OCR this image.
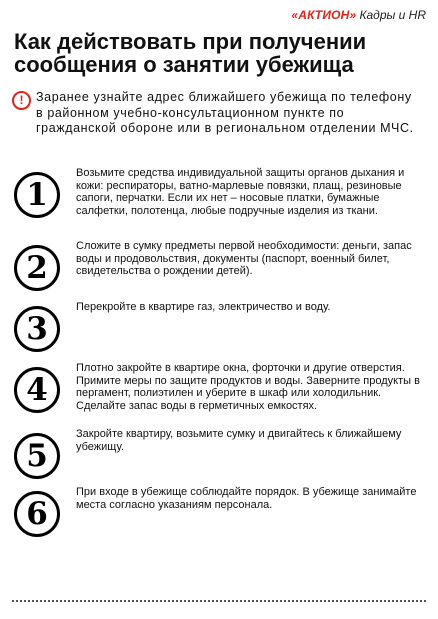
«АКТИОН» Кадры и HR
Как действовать при получении сообщения о занятии убежища
!	Заранее узнайте адрес ближайшего убежища по телефону в районном учебно-консультационном пункте по гражданской обороне или в региональном отделении МЧС.
1
Возьмите средства индивидуальной защиты органов дыхания и кожи: респираторы, ватно-марлевые повязки, плащ, резиновые сапоги, перчатки. Если их нет – носовые платки, бумажные салфетки, полотенца, любые подручные изделия из ткани.
2
Сложите в сумку предметы первой необходимости: деньги, запас воды и продовольствия, документы (паспорт, военный билет, свидетельства о рождении детей).
3
Перекройте в квартире газ, электричество и воду.
4
Плотно закройте в квартире окна, форточки и другие отверстия. Примите меры по защите продуктов и воды. Заверните продукты в пергамент, полиэтилен и уберите в шкаф или холодильник. Сделайте запас воды в герметичных емкостях.
5
Закройте квартиру, возьмите сумку и двигайтесь к ближайшему убежищу.
6
При входе в убежище соблюдайте порядок. В убежище занимайте места согласно указаниям персонала.
